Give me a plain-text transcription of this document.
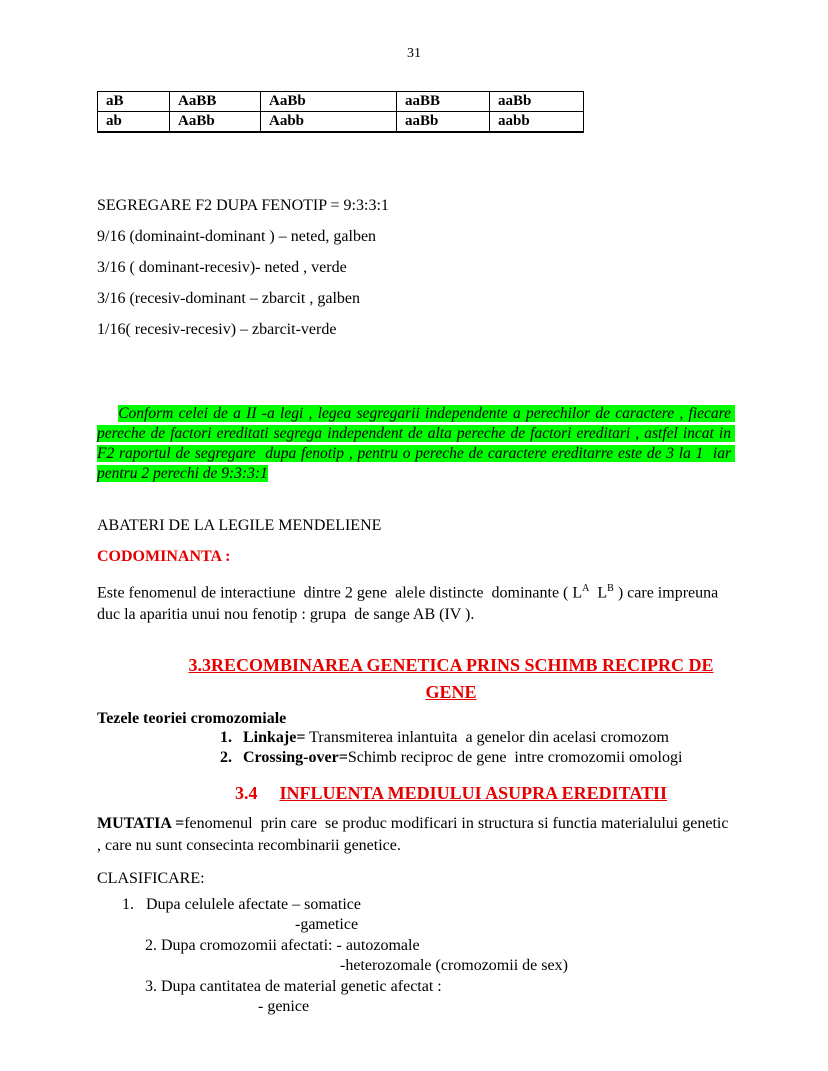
31
aB	AaBB	AaBb	aaBB	aaBb
ab	AaBb	Aabb	aaBb	aabb

SEGREGARE F2 DUPA FENOTIP = 9:3:3:1

9/16 (dominaint-dominant ) – neted, galben

3/16 ( dominant-recesiv)- neted , verde

3/16 (recesiv-dominant – zbarcit , galben

1/16( recesiv-recesiv) – zbarcit-verde

Conform celei de a II -a legi , legea segregarii independente a perechilor de caractere , fiecare pereche de factori ereditati segrega independent de alta pereche de factori ereditari , astfel incat in F2 raportul de segregare  dupa fenotip , pentru o pereche de caractere ereditarre este de 3 la 1  iar pentru 2 perechi de 9:3:3:1

ABATERI DE LA LEGILE MENDELIENE

CODOMINANTA :

Este fenomenul de interactiune  dintre 2 gene  alele distincte  dominante ( $L^A$  $L^B$ ) care impreuna duc la aparitia unui nou fenotip : grupa  de sange AB (IV ).

3.3RECOMBINAREA GENETICA PRINS SCHIMB RECIPRC DE
GENE

Tezele teoriei cromozomiale

1. Linkaje= Transmiterea inlantuita  a genelor din acelasi cromozom
2. Crossing-over=Schimb reciproc de gene  intre cromozomii omologi
3.4 INFLUENTA MEDIULUI ASUPRA EREDITATII

MUTATIA =fenomenul  prin care  se produc modificari in structura si functia materialului genetic , care nu sunt consecinta recombinarii genetice.

CLASIFICARE:

1.   Dupa celulele afectate – somatice
-gametice
2. Dupa cromozomii afectati: - autozomale
-heterozomale (cromozomii de sex)
3. Dupa cantitatea de material genetic afectat :
- genice
